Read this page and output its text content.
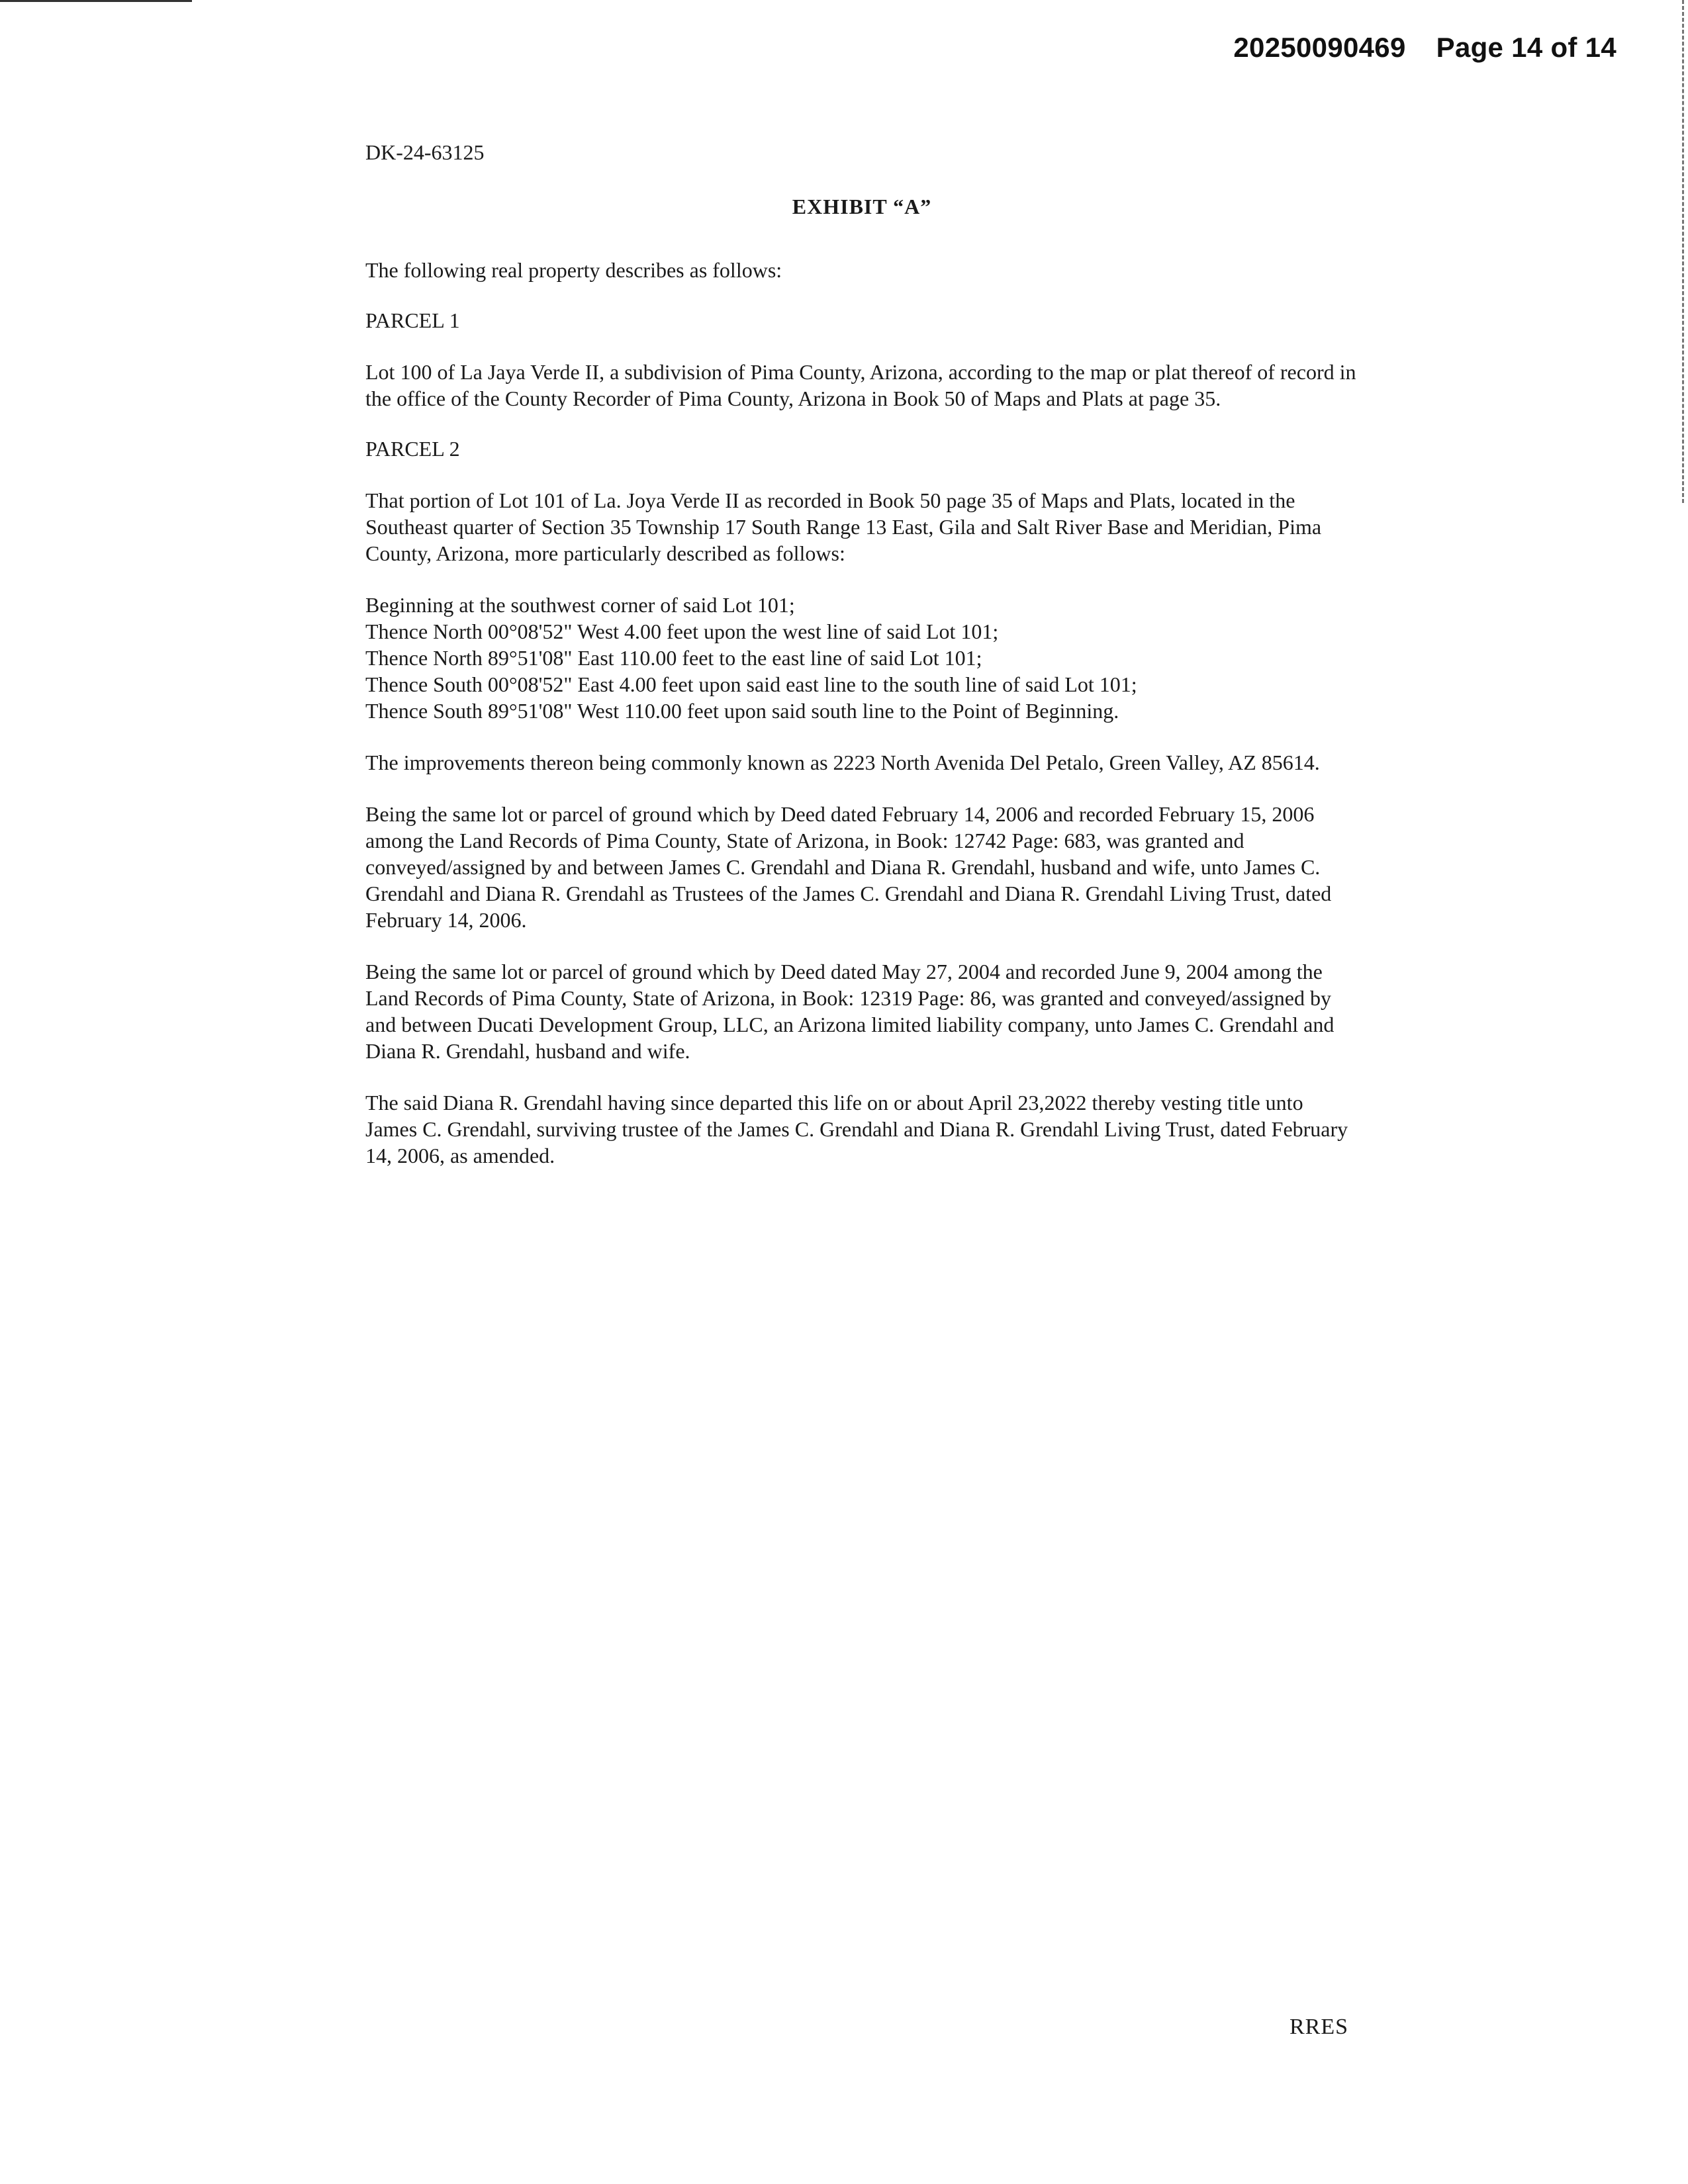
20250090469 Page 14 of 14

DK-24-63125

EXHIBIT “A”

The following real property describes as follows:

PARCEL 1

Lot 100 of La Jaya Verde II, a subdivision of Pima County, Arizona, according to the map or plat thereof of record in the office of the County Recorder of Pima County, Arizona in Book 50 of Maps and Plats at page 35.

PARCEL 2

That portion of Lot 101 of La. Joya Verde II as recorded in Book 50 page 35 of Maps and Plats, located in the Southeast quarter of Section 35 Township 17 South Range 13 East, Gila and Salt River Base and Meridian, Pima County, Arizona, more particularly described as follows:

Beginning at the southwest corner of said Lot 101;
Thence North 00°08'52" West 4.00 feet upon the west line of said Lot 101;
Thence North 89°51'08" East 110.00 feet to the east line of said Lot 101;
Thence South 00°08'52" East 4.00 feet upon said east line to the south line of said Lot 101;
Thence South 89°51'08" West 110.00 feet upon said south line to the Point of Beginning.

The improvements thereon being commonly known as 2223 North Avenida Del Petalo, Green Valley, AZ 85614.

Being the same lot or parcel of ground which by Deed dated February 14, 2006 and recorded February 15, 2006 among the Land Records of Pima County, State of Arizona, in Book: 12742 Page: 683, was granted and conveyed/assigned by and between James C. Grendahl and Diana R. Grendahl, husband and wife, unto James C. Grendahl and Diana R. Grendahl as Trustees of the James C. Grendahl and Diana R. Grendahl Living Trust, dated February 14, 2006.

Being the same lot or parcel of ground which by Deed dated May 27, 2004 and recorded June 9, 2004 among the Land Records of Pima County, State of Arizona, in Book: 12319 Page: 86, was granted and conveyed/assigned by and between Ducati Development Group, LLC, an Arizona limited liability company, unto James C. Grendahl and Diana R. Grendahl, husband and wife.

The said Diana R. Grendahl having since departed this life on or about April 23,2022 thereby vesting title unto James C. Grendahl, surviving trustee of the James C. Grendahl and Diana R. Grendahl Living Trust, dated February 14, 2006, as amended.

RRES
